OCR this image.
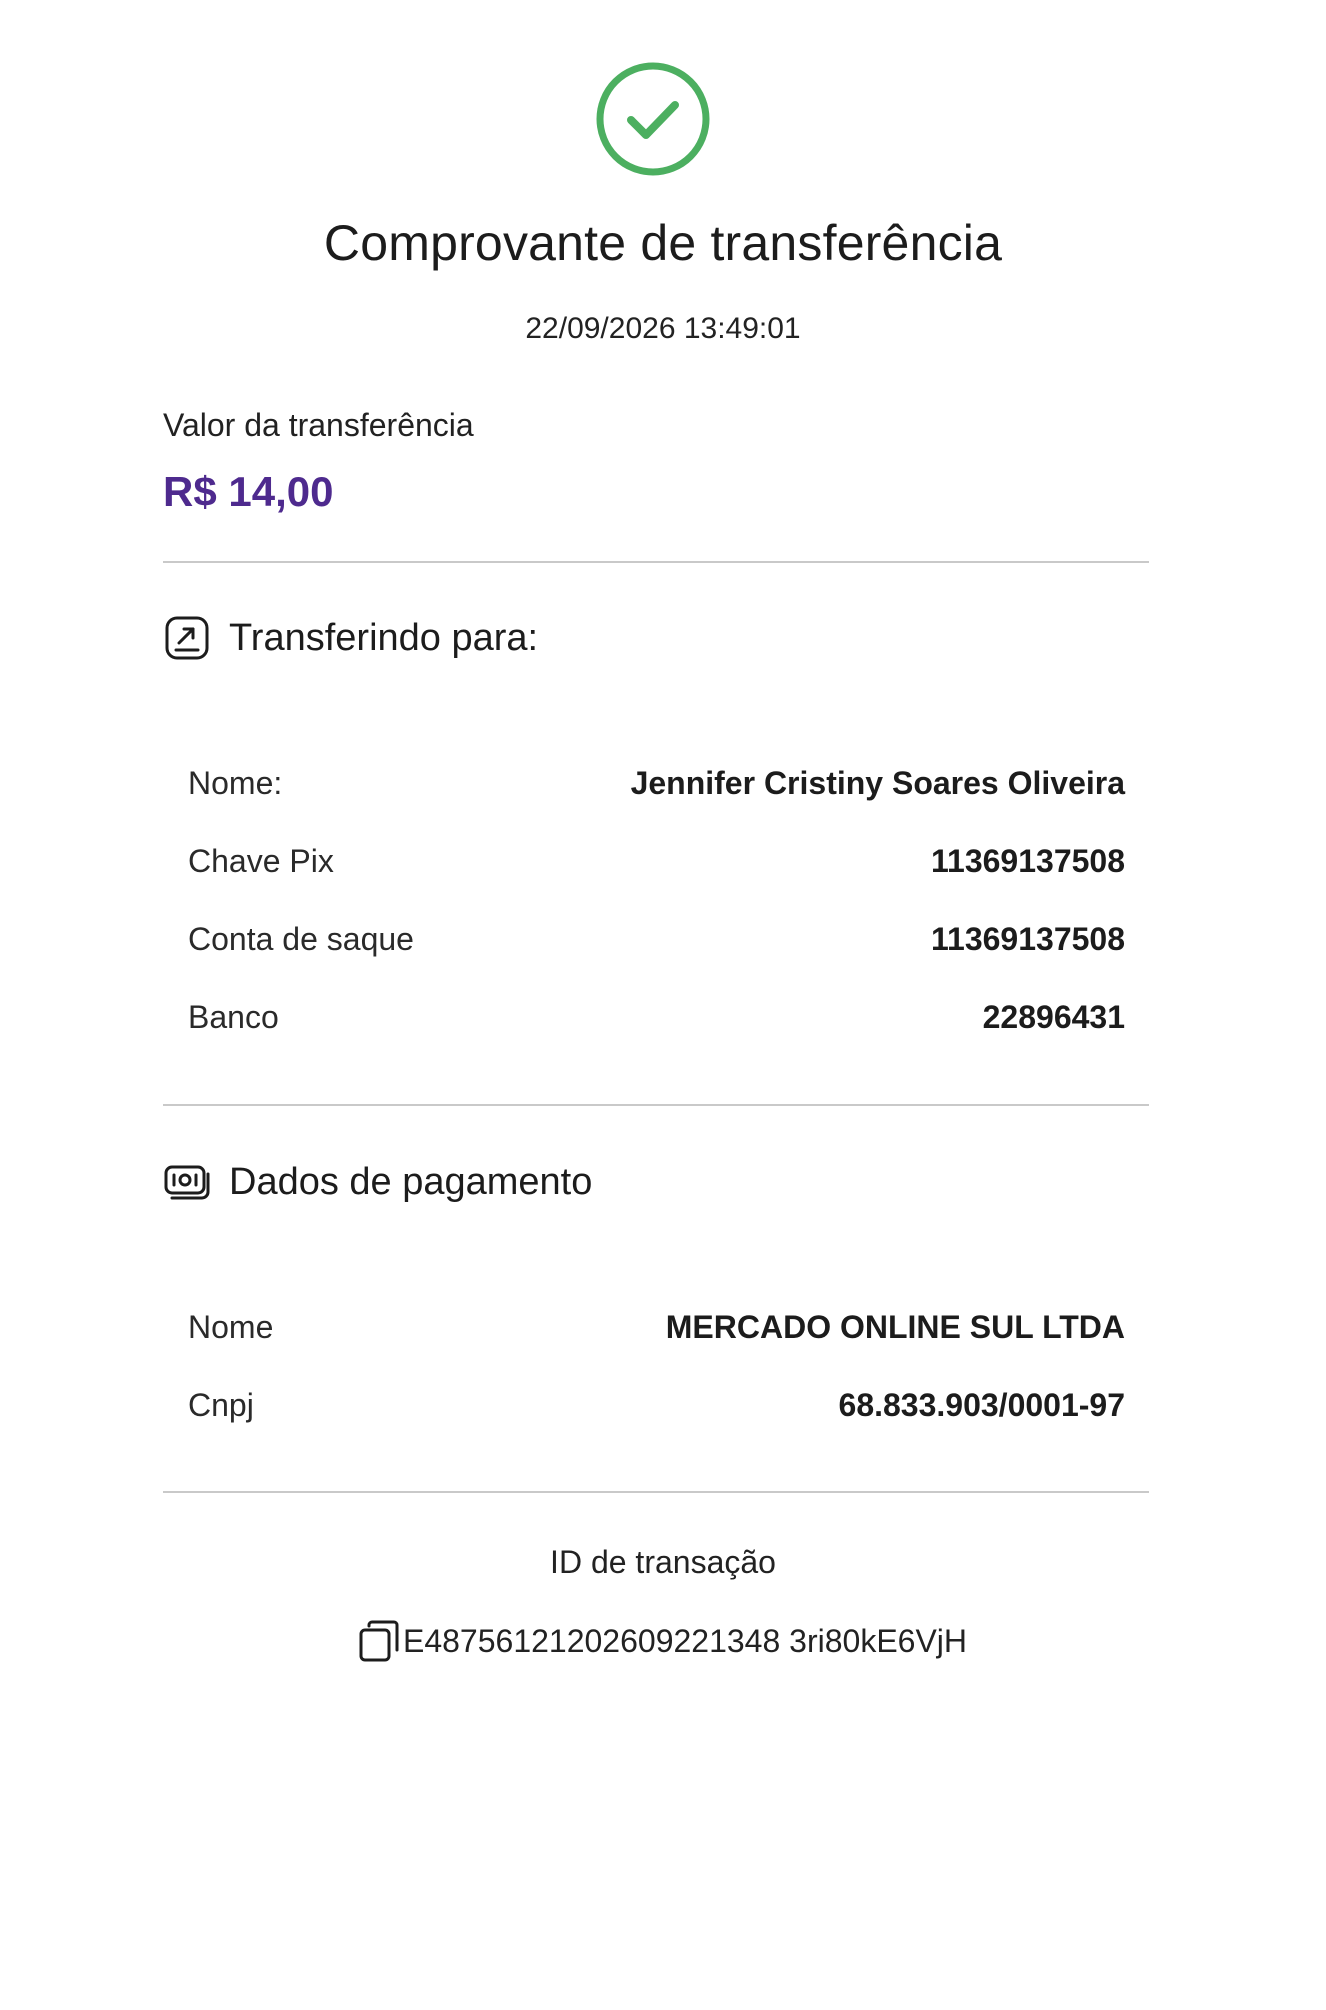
Comprovante de transferência
22/09/2026 13:49:01
Valor da transferência
R$ 14,00
Transferindo para:
Nome:	Jennifer Cristiny Soares Oliveira
Chave Pix	11369137508
Conta de saque	11369137508
Banco	22896431
Dados de pagamento
Nome	MERCADO ONLINE SUL LTDA
Cnpj	68.833.903/0001-97
ID de transação
E48756121202609221348 3ri80kE6VjH
